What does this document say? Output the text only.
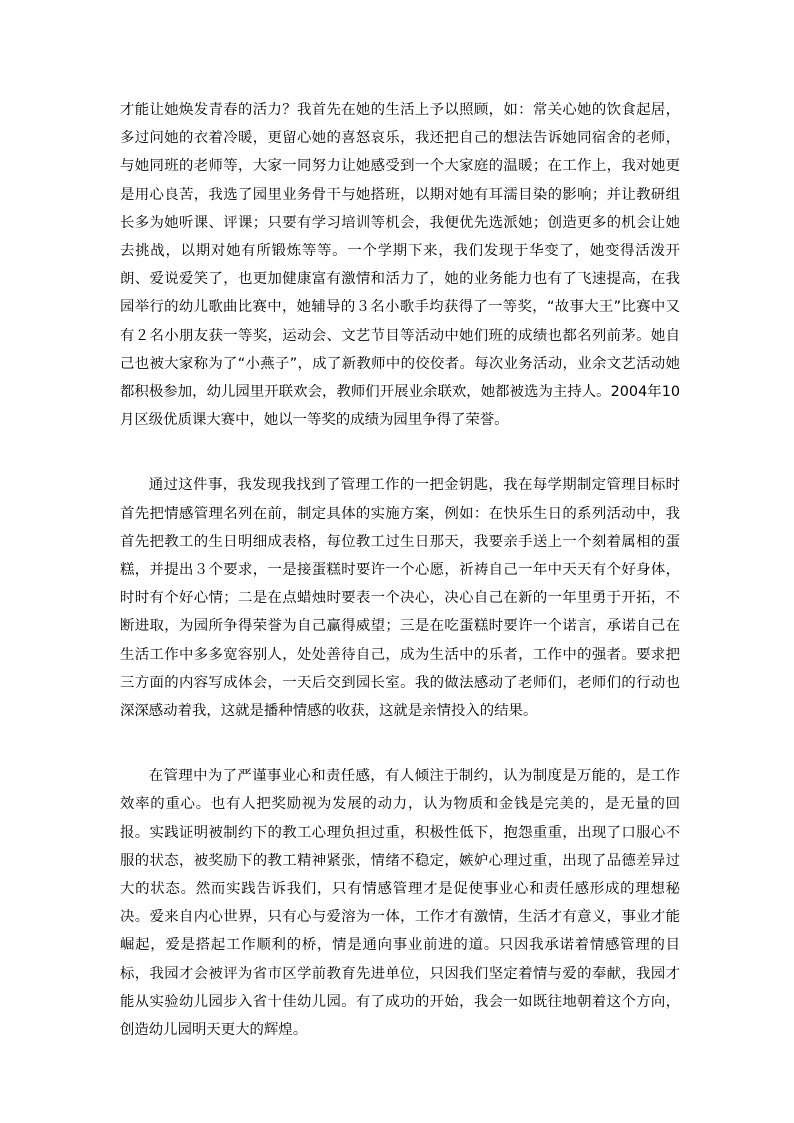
才能让她焕发青春的活力？我首先在她的生活上予以照顾，如：常关心她的饮食起居，多过问她的衣着冷暖，更留心她的喜怒哀乐，我还把自己的想法告诉她同宿舍的老师，与她同班的老师等，大家一同努力让她感受到一个大家庭的温暖；在工作上，我对她更是用心良苦，我选了园里业务骨干与她搭班，以期对她有耳濡目染的影响；并让教研组长多为她听课、评课；只要有学习培训等机会，我便优先选派她；创造更多的机会让她去挑战，以期对她有所锻炼等等。一个学期下来，我们发现于华变了，她变得活泼开朗、爱说爱笑了，也更加健康富有激情和活力了，她的业务能力也有了飞速提高，在我园举行的幼儿歌曲比赛中，她辅导的３名小歌手均获得了一等奖，“故事大王”比赛中又有２名小朋友获一等奖，运动会、文艺节目等活动中她们班的成绩也都名列前茅。她自己也被大家称为了“小燕子”，成了新教师中的佼佼者。每次业务活动，业余文艺活动她都积极参加，幼儿园里开联欢会，教师们开展业余联欢，她都被选为主持人。2004年10月区级优质课大赛中，她以一等奖的成绩为园里争得了荣誉。

通过这件事，我发现我找到了管理工作的一把金钥匙，我在每学期制定管理目标时首先把情感管理名列在前，制定具体的实施方案，例如：在快乐生日的系列活动中，我首先把教工的生日明细成表格，每位教工过生日那天，我要亲手送上一个刻着属相的蛋糕，并提出３个要求，一是接蛋糕时要许一个心愿，祈祷自己一年中天天有个好身体，时时有个好心情；二是在点蜡烛时要表一个决心，决心自己在新的一年里勇于开拓，不断进取，为园所争得荣誉为自己赢得威望；三是在吃蛋糕时要许一个诺言，承诺自己在生活工作中多多宽容别人，处处善待自己，成为生活中的乐者，工作中的强者。要求把三方面的内容写成体会，一天后交到园长室。我的做法感动了老师们，老师们的行动也深深感动着我，这就是播种情感的收获，这就是亲情投入的结果。

在管理中为了严谨事业心和责任感，有人倾注于制约，认为制度是万能的，是工作效率的重心。也有人把奖励视为发展的动力，认为物质和金钱是完美的，是无量的回报。实践证明被制约下的教工心理负担过重，积极性低下，抱怨重重，出现了口服心不服的状态，被奖励下的教工精神紧张，情绪不稳定，嫉妒心理过重，出现了品德差异过大的状态。然而实践告诉我们，只有情感管理才是促使事业心和责任感形成的理想秘决。爱来自内心世界，只有心与爱溶为一体，工作才有激情，生活才有意义，事业才能崛起，爱是搭起工作顺利的桥，情是通向事业前进的道。只因我承诺着情感管理的目标，我园才会被评为省市区学前教育先进单位，只因我们坚定着情与爱的奉献，我园才能从实验幼儿园步入省十佳幼儿园。有了成功的开始，我会一如既往地朝着这个方向，创造幼儿园明天更大的辉煌。
